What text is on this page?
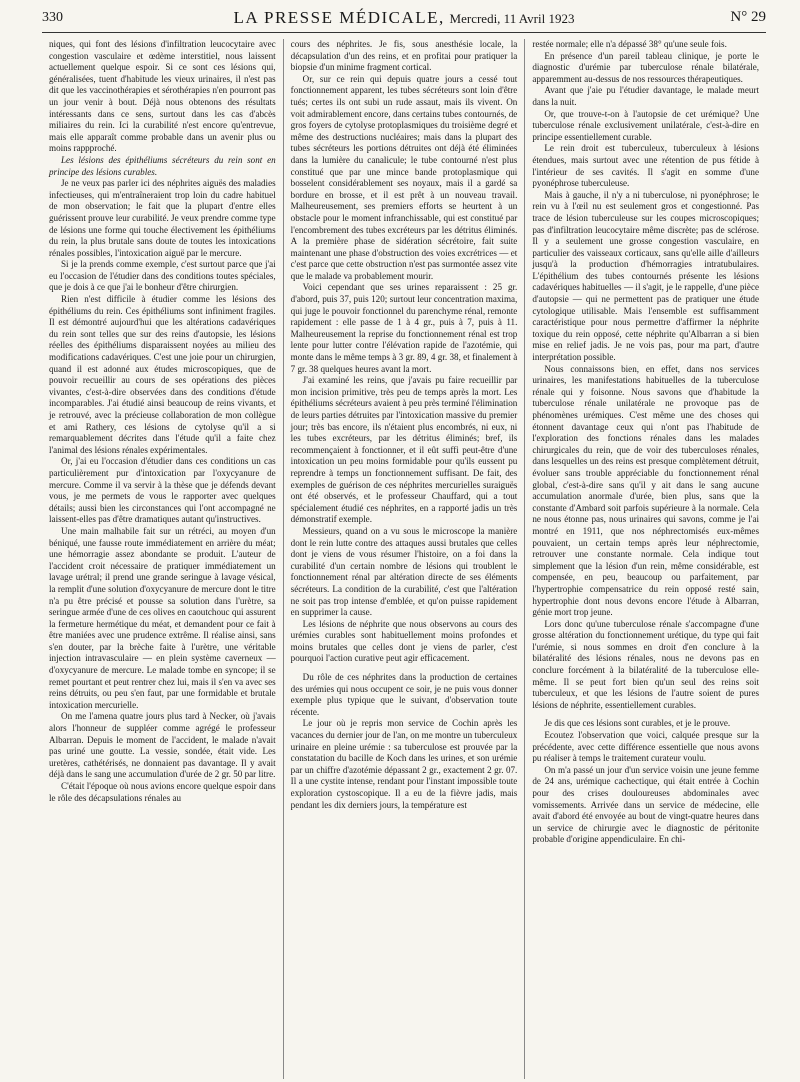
330	LA PRESSE MÉDICALE, Mercredi, 11 Avril 1923	N° 29

niques, qui font des lésions d'infiltration leucocytaire avec congestion vasculaire et œdème interstitiel, nous laissent actuellement quelque espoir. Si ce sont ces lésions qui, généralisées, tuent d'habitude les vieux urinaires, il n'est pas dit que les vaccinothérapies et sérothérapies n'en pourront pas un jour venir à bout. Déjà nous obtenons des résultats intéressants dans ce sens, surtout dans les cas d'abcès miliaires du rein. Ici la curabilité n'est encore qu'entrevue, mais elle apparaît comme probable dans un avenir plus ou moins rappproché.

Les lésions des épithéliums sécréteurs du rein sont en principe des lésions curables.

Je ne veux pas parler ici des néphrites aiguës des maladies infectieuses, qui m'entraîneraient trop loin du cadre habituel de mon observation; le fait que la plupart d'entre elles guérissent prouve leur curabilité. Je veux prendre comme type de lésions une forme qui touche électivement les épithéliums du rein, la plus brutale sans doute de toutes les intoxications rénales possibles, l'intoxication aiguë par le mercure.

Si je la prends comme exemple, c'est surtout parce que j'ai eu l'occasion de l'étudier dans des conditions toutes spéciales, que je dois à ce que j'ai le bonheur d'être chirurgien.

Rien n'est difficile à étudier comme les lésions des épithéliums du rein. Ces épithéliums sont infiniment fragiles. Il est démontré aujourd'hui que les altérations cadavériques du rein sont telles que sur des reins d'autopsie, les lésions réelles des épithéliums disparaissent noyées au milieu des modifications cadavériques. C'est une joie pour un chirurgien, quand il est adonné aux études microscopiques, que de pouvoir recueillir au cours de ses opérations des pièces vivantes, c'est-à-dire observées dans des conditions d'étude incomparables. J'ai étudié ainsi beaucoup de reins vivants, et je retrouvé, avec la précieuse collaboration de mon collègue et ami Rathery, ces lésions de cytolyse qu'il a si remarquablement décrites dans l'étude qu'il a faite chez l'animal des lésions rénales expérimentales.

Or, j'ai eu l'occasion d'étudier dans ces conditions un cas particulièrement pur d'intoxication par l'oxycyanure de mercure. Comme il va servir à la thèse que je défends devant vous, je me permets de vous le rapporter avec quelques détails; aussi bien les circonstances qui l'ont accompagné ne laissent-elles pas d'être dramatiques autant qu'instructives.

Une main malhabile fait sur un rétréci, au moyen d'un béniqué, une fausse route immédiatement en arrière du méat; une hémorragie assez abondante se produit. L'auteur de l'accident croit nécessaire de pratiquer immédiatement un lavage urétral; il prend une grande seringue à lavage vésical, la remplit d'une solution d'oxycyanure de mercure dont le titre n'a pu être précisé et pousse sa solution dans l'urètre, sa seringue armée d'une de ces olives en caoutchouc qui assurent la fermeture hermétique du méat, et demandent pour ce fait à être maniées avec une prudence extrême. Il réalise ainsi, sans s'en douter, par la brèche faite à l'urètre, une véritable injection intravasculaire — en plein système caverneux — d'oxycyanure de mercure. Le malade tombe en syncope; il se remet pourtant et peut rentrer chez lui, mais il s'en va avec ses reins détruits, ou peu s'en faut, par une formidable et brutale intoxication mercurielle.

On me l'amena quatre jours plus tard à Necker, où j'avais alors l'honneur de suppléer comme agrégé le professeur Albarran. Depuis le moment de l'accident, le malade n'avait pas uriné une goutte. La vessie, sondée, était vide. Les uretères, cathétérisés, ne donnaient pas davantage. Il y avait déjà dans le sang une accumulation d'urée de 2 gr. 50 par litre.

C'était l'époque où nous avions encore quelque espoir dans le rôle des décapsulations rénales au

cours des néphrites. Je fis, sous anesthésie locale, la décapsulation d'un des reins, et en profitai pour pratiquer la biopsie d'un minime fragment cortical.

Or, sur ce rein qui depuis quatre jours a cessé tout fonctionnement apparent, les tubes sécréteurs sont loin d'être tués; certes ils ont subi un rude assaut, mais ils vivent. On voit admirablement encore, dans certains tubes contournés, de gros foyers de cytolyse protoplasmiques du troisième degré et même des destructions nucléaires; mais dans la plupart des tubes sécréteurs les portions détruites ont déjà été éliminées dans la lumière du canalicule; le tube contourné n'est plus constitué que par une mince bande protoplasmique qui bosselent considérablement ses noyaux, mais il a gardé sa bordure en brosse, et il est prêt à un nouveau travail. Malheureusement, ses premiers efforts se heurtent à un obstacle pour le moment infranchissable, qui est constitué par l'encombrement des tubes excréteurs par les détritus éliminés. A la première phase de sidération sécrétoire, fait suite maintenant une phase d'obstruction des voies excrétrices — et c'est parce que cette obstruction n'est pas surmontée assez vite que le malade va probablement mourir.

Voici cependant que ses urines reparaissent : 25 gr. d'abord, puis 37, puis 120; surtout leur concentration maxima, qui juge le pouvoir fonctionnel du parenchyme rénal, remonte rapidement : elle passe de 1 à 4 gr., puis à 7, puis à 11. Malheureusement la reprise du fonctionnement rénal est trop lente pour lutter contre l'élévation rapide de l'azotémie, qui monte dans le même temps à 3 gr. 89, 4 gr. 38, et finalement à 7 gr. 38 quelques heures avant la mort.

J'ai examiné les reins, que j'avais pu faire recueillir par mon incision primitive, très peu de temps après la mort. Les épithéliums sécréteurs avaient à peu près terminé l'élimination de leurs parties détruites par l'intoxication massive du premier jour; très bas encore, ils n'étaient plus encombrés, ni eux, ni les tubes excréteurs, par les détritus éliminés; bref, ils recommençaient à fonctionner, et il eût suffi peut-être d'une intoxication un peu moins formidable pour qu'ils eussent pu reprendre à temps un fonctionnement suffisant. De fait, des exemples de guérison de ces néphrites mercurielles suraiguës ont été observés, et le professeur Chauffard, qui a tout spécialement étudié ces néphrites, en a rapporté jadis un très démonstratif exemple.

Messieurs, quand on a vu sous le microscope la manière dont le rein lutte contre des attaques aussi brutales que celles dont je viens de vous résumer l'histoire, on a foi dans la curabilité d'un certain nombre de lésions qui troublent le fonctionnement rénal par altération directe de ses éléments sécréteurs. La condition de la curabilité, c'est que l'altération ne soit pas trop intense d'emblée, et qu'on puisse rapidement en supprimer la cause.

Les lésions de néphrite que nous observons au cours des urémies curables sont habituellement moins profondes et moins brutales que celles dont je viens de parler, c'est pourquoi l'action curative peut agir efficacement.

Du rôle de ces néphrites dans la production de certaines des urémies qui nous occupent ce soir, je ne puis vous donner exemple plus typique que le suivant, d'observation toute récente.

Le jour où je repris mon service de Cochin après les vacances du dernier jour de l'an, on me montre un tuberculeux urinaire en pleine urémie : sa tuberculose est prouvée par la constatation du bacille de Koch dans les urines, et son urémie par un chiffre d'azotémie dépassant 2 gr., exactement 2 gr. 07. Il a une cystite intense, rendant pour l'instant impossible toute exploration cystoscopique. Il a eu de la fièvre jadis, mais pendant les dix derniers jours, la température est

restée normale; elle n'a dépassé 38° qu'une seule fois.

En présence d'un pareil tableau clinique, je porte le diagnostic d'urémie par tuberculose rénale bilatérale, apparemment au-dessus de nos ressources thérapeutiques.

Avant que j'aie pu l'étudier davantage, le malade meurt dans la nuit.

Or, que trouve-t-on à l'autopsie de cet urémique? Une tuberculose rénale exclusivement unilatérale, c'est-à-dire en principe essentiellement curable.

Le rein droit est tuberculeux, tuberculeux à lésions étendues, mais surtout avec une rétention de pus fétide à l'intérieur de ses cavités. Il s'agit en somme d'une pyonéphrose tuberculeuse.

Mais à gauche, il n'y a ni tuberculose, ni pyonéphrose; le rein vu à l'œil nu est seulement gros et congestionné. Pas trace de lésion tuberculeuse sur les coupes microscopiques; pas d'infiltration leucocytaire même discrète; pas de sclérose. Il y a seulement une grosse congestion vasculaire, en particulier des vaisseaux corticaux, sans qu'elle aille d'ailleurs jusqu'à la production d'hémorragies intratubulaires. L'épithélium des tubes contournés présente les lésions cadavériques habituelles — il s'agit, je le rappelle, d'une pièce d'autopsie — qui ne permettent pas de pratiquer une étude cytologique utilisable. Mais l'ensemble est suffisamment caractéristique pour nous permettre d'affirmer la néphrite toxique du rein opposé, cette néphrite qu'Albarran a si bien mise en relief jadis. Je ne vois pas, pour ma part, d'autre interprétation possible.

Nous connaissons bien, en effet, dans nos services urinaires, les manifestations habituelles de la tuberculose rénale qui y foisonne. Nous savons que d'habitude la tuberculose rénale unilatérale ne provoque pas de phénomènes urémiques. C'est même une des choses qui étonnent davantage ceux qui n'ont pas l'habitude de l'exploration des fonctions rénales dans les malades chirurgicales du rein, que de voir des tuberculoses rénales, dans lesquelles un des reins est presque complètement détruit, évoluer sans trouble appréciable du fonctionnement rénal global, c'est-à-dire sans qu'il y ait dans le sang aucune accumulation anormale d'urée, bien plus, sans que la constante d'Ambard soit parfois supérieure à la normale. Cela ne nous étonne pas, nous urinaires qui savons, comme je l'ai montré en 1911, que nos néphrectomisés eux-mêmes pouvaient, un certain temps après leur néphrectomie, retrouver une constante normale. Cela indique tout simplement que la lésion d'un rein, même considérable, est compensée, en peu, beaucoup ou parfaitement, par l'hypertrophie compensatrice du rein opposé resté sain, hypertrophie dont nous devons encore l'étude à Albarran, génie mort trop jeune.

Lors donc qu'une tuberculose rénale s'accompagne d'une grosse altération du fonctionnement urétique, du type qui fait l'urémie, si nous sommes en droit d'en conclure à la bilatéralité des lésions rénales, nous ne devons pas en conclure forcément à la bilatéralité de la tuberculose elle-même. Il se peut fort bien qu'un seul des reins soit tuberculeux, et que les lésions de l'autre soient de pures lésions de néphrite, essentiellement curables.

Je dis que ces lésions sont curables, et je le prouve.

Ecoutez l'observation que voici, calquée presque sur la précédente, avec cette différence essentielle que nous avons pu réaliser à temps le traitement curateur voulu.

On m'a passé un jour d'un service voisin une jeune femme de 24 ans, urémique cachectique, qui était entrée à Cochin pour des crises douloureuses abdominales avec vomissements. Arrivée dans un service de médecine, elle avait d'abord été envoyée au bout de vingt-quatre heures dans un service de chirurgie avec le diagnostic de péritonite probable d'origine appendiculaire. En chi-
